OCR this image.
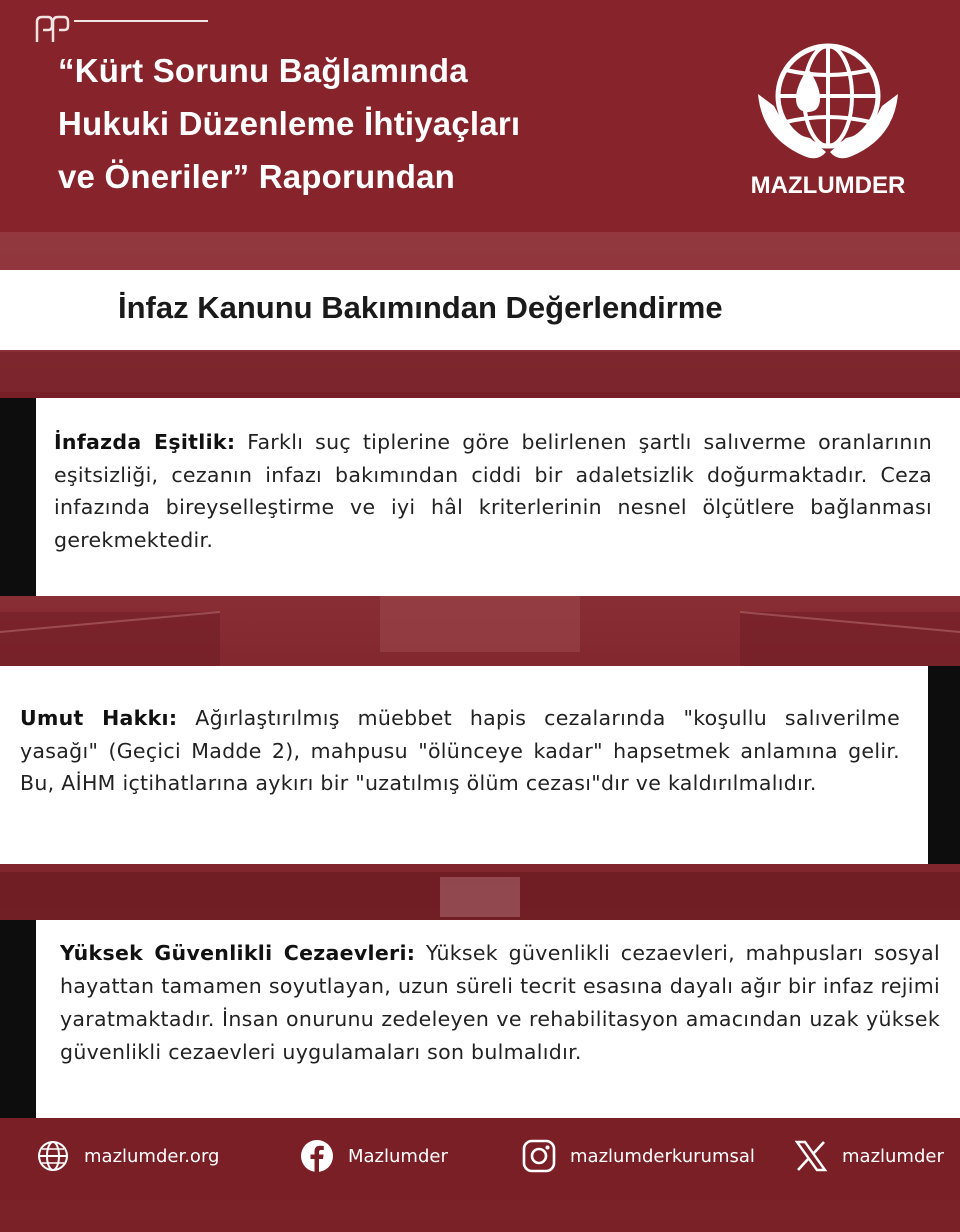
“Kürt Sorunu Bağlamında
Hukuki Düzenleme İhtiyaçları
ve Öneriler” Raporundan	MAZLUMDER
İnfaz Kanunu Bakımından Değerlendirme
İnfazda Eşitlik: Farklı suç tiplerine göre belirlenen şartlı salıverme oranlarının eşitsizliği, cezanın infazı bakımından ciddi bir adaletsizlik doğurmaktadır. Ceza infazında bireyselleştirme ve iyi hâl kriterlerinin nesnel ölçütlere bağlanması gerekmektedir.
Umut Hakkı: Ağırlaştırılmış müebbet hapis cezalarında "koşullu salıverilme yasağı" (Geçici Madde 2), mahpusu "ölünceye kadar" hapsetmek anlamına gelir. Bu, AİHM içtihatlarına aykırı bir "uzatılmış ölüm cezası"dır ve kaldırılmalıdır.
Yüksek Güvenlikli Cezaevleri: Yüksek güvenlikli cezaevleri, mahpusları sosyal hayattan tamamen soyutlayan, uzun süreli tecrit esasına dayalı ağır bir infaz rejimi yaratmaktadır. İnsan onurunu zedeleyen ve rehabilitasyon amacından uzak yüksek güvenlikli cezaevleri uygulamaları son bulmalıdır.
mazlumder.org	Mazlumder	mazlumderkurumsal	mazlumder
